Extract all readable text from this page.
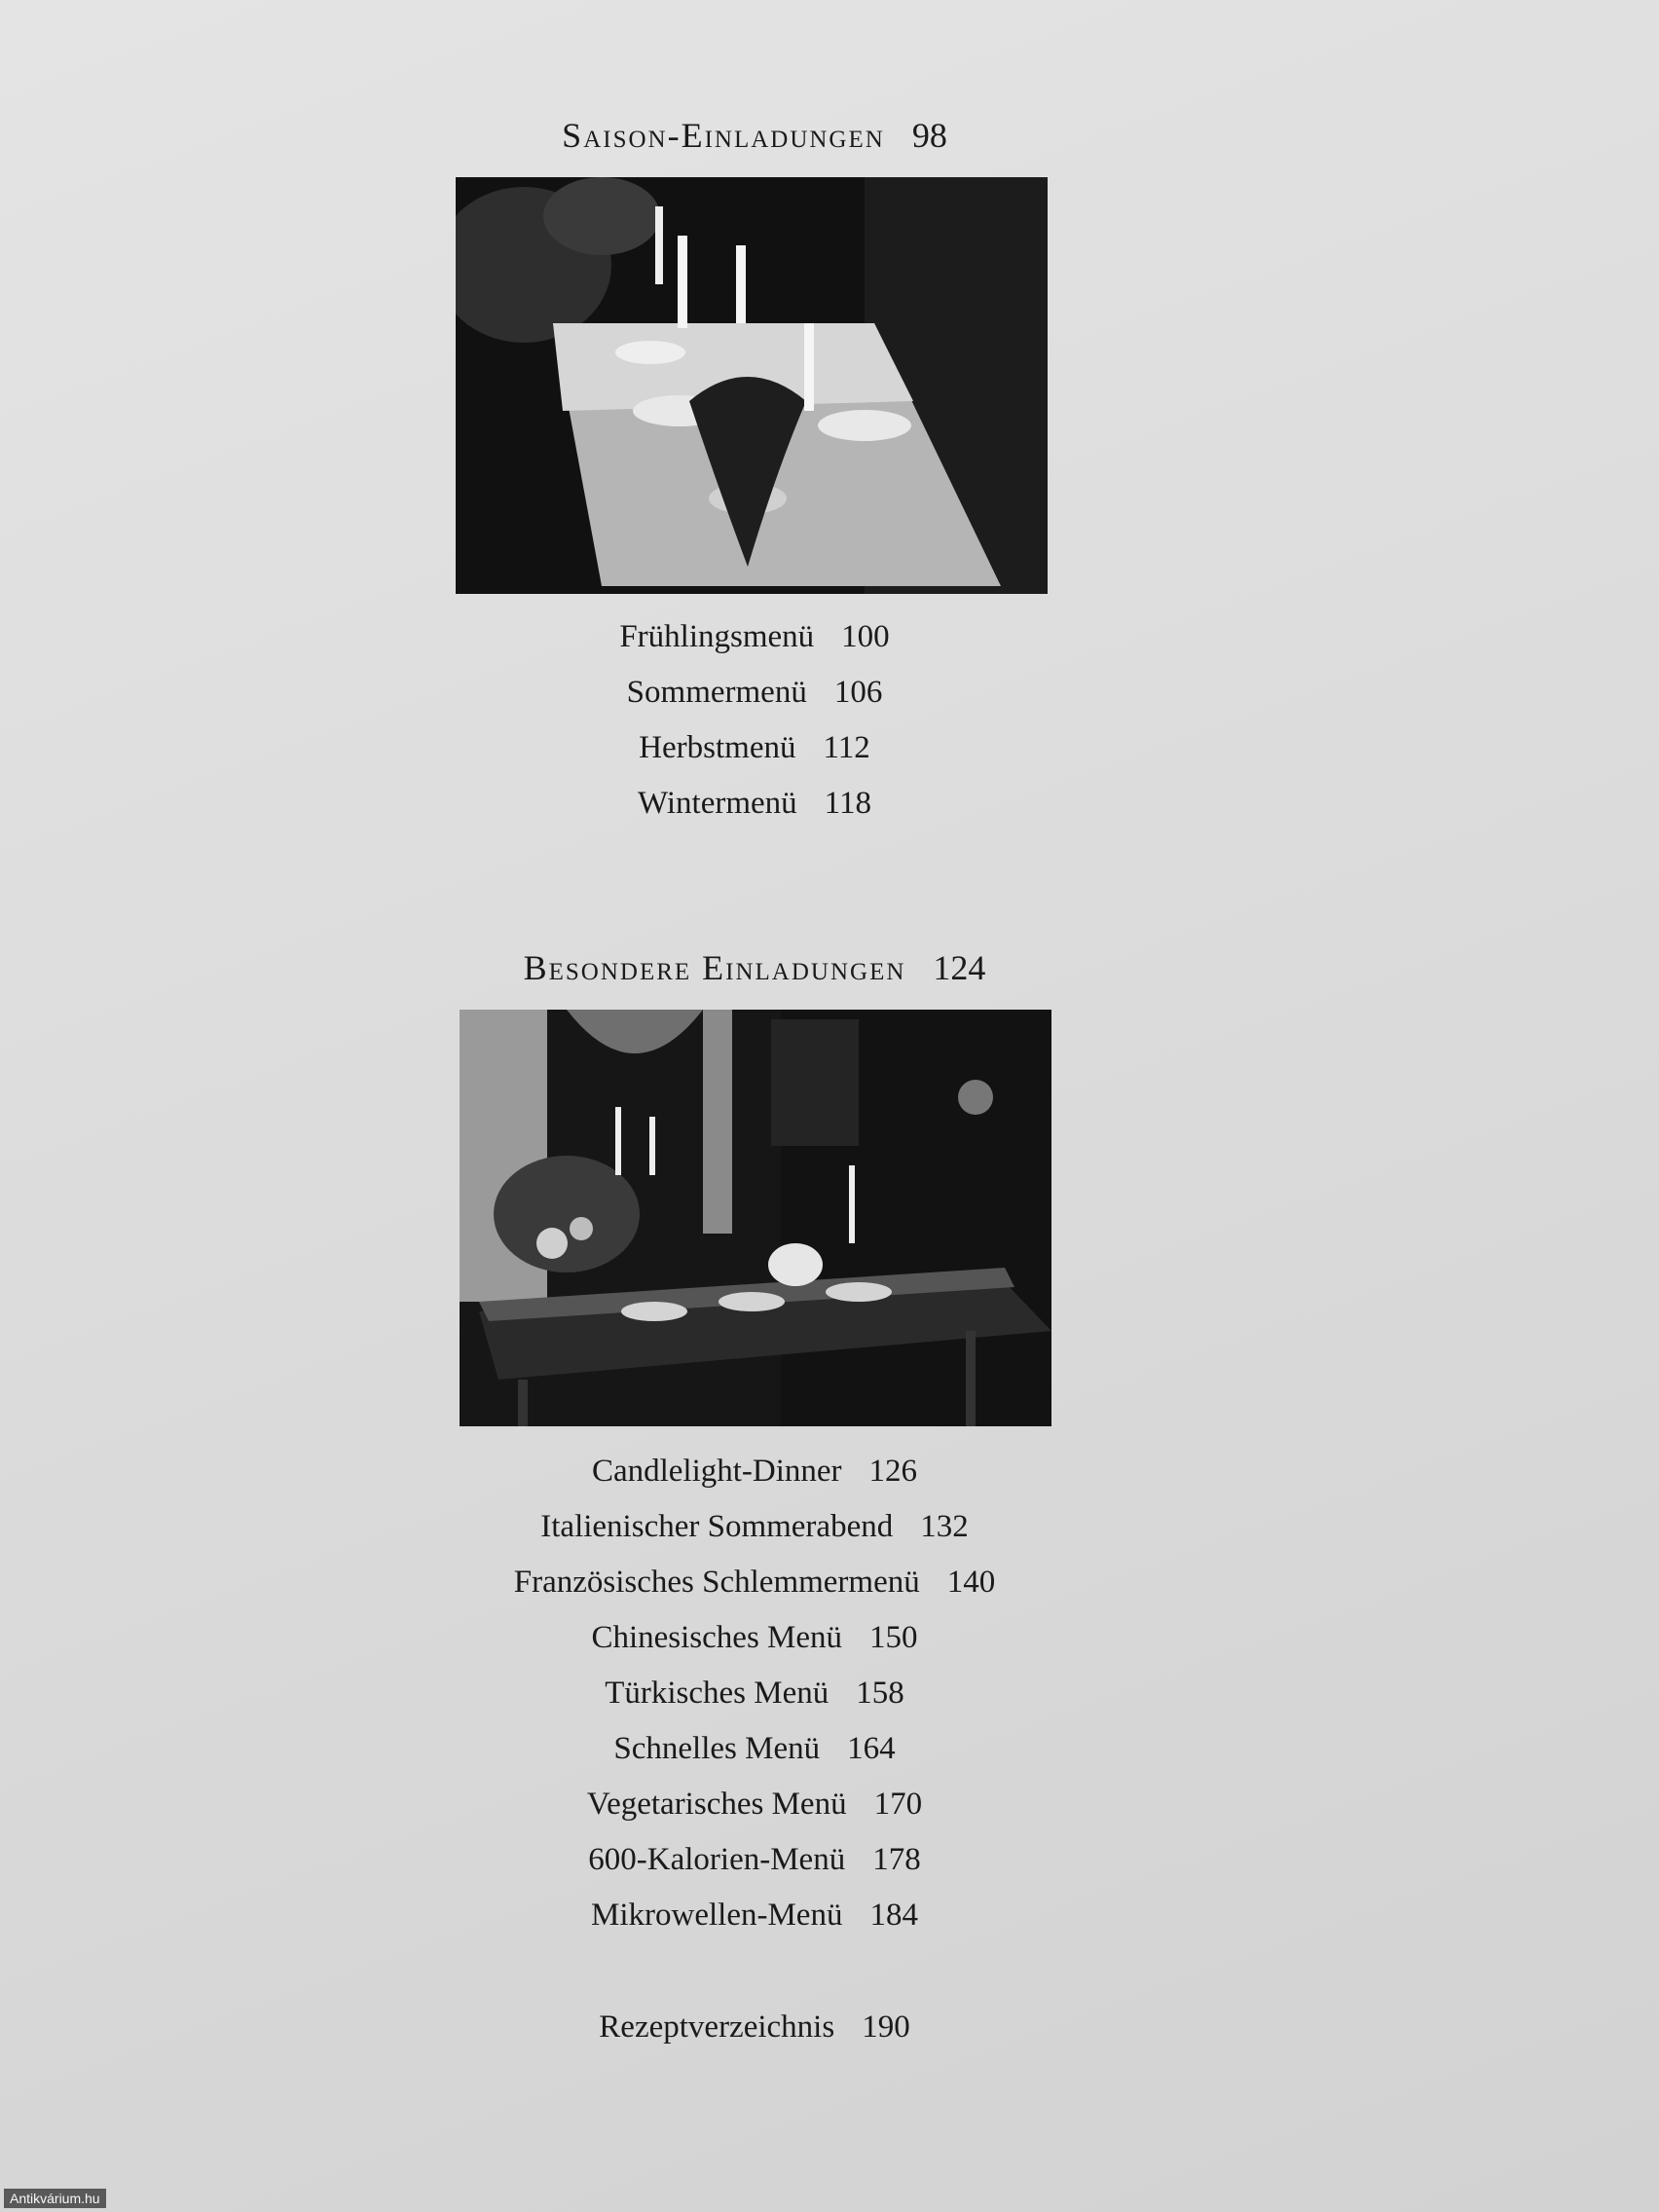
Saison-Einladungen 98
Frühlingsmenü 100
Sommermenü 106
Herbstmenü 112
Wintermenü 118
Besondere Einladungen 124
Candlelight-Dinner 126
Italienischer Sommerabend 132
Französisches Schlemmermenü 140
Chinesisches Menü 150
Türkisches Menü 158
Schnelles Menü 164
Vegetarisches Menü 170
600-Kalorien-Menü 178
Mikrowellen-Menü 184
Rezeptverzeichnis 190
Antikvárium.hu
